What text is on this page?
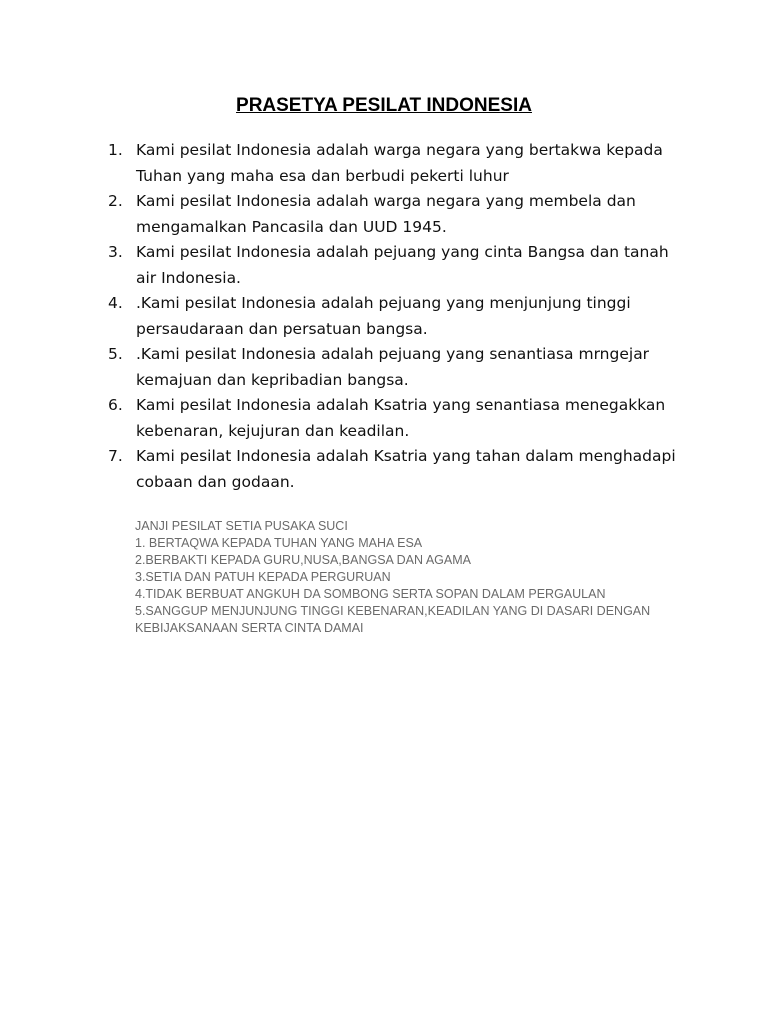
PRASETYA PESILAT INDONESIA
1. Kami pesilat Indonesia adalah warga negara yang bertakwa kepada Tuhan yang maha esa dan berbudi pekerti luhur
2. Kami pesilat Indonesia adalah warga negara yang membela dan mengamalkan Pancasila dan UUD 1945.
3. Kami pesilat Indonesia adalah pejuang yang cinta Bangsa dan tanah air Indonesia.
4. .Kami pesilat Indonesia adalah pejuang yang menjunjung tinggi persaudaraan dan persatuan bangsa.
5. .Kami pesilat Indonesia adalah pejuang yang senantiasa mrngejar kemajuan dan kepribadian bangsa.
6. Kami pesilat Indonesia adalah Ksatria yang senantiasa menegakkan kebenaran, kejujuran dan keadilan.
7. Kami pesilat Indonesia adalah Ksatria yang tahan dalam menghadapi cobaan dan godaan.

JANJI PESILAT SETIA PUSAKA SUCI

1. BERTAQWA KEPADA TUHAN YANG MAHA ESA

2.BERBAKTI KEPADA GURU,NUSA,BANGSA DAN AGAMA

3.SETIA DAN PATUH KEPADA PERGURUAN

4.TIDAK BERBUAT ANGKUH DA SOMBONG SERTA SOPAN DALAM PERGAULAN

5.SANGGUP MENJUNJUNG TINGGI KEBENARAN,KEADILAN YANG DI DASARI DENGAN KEBIJAKSANAAN SERTA CINTA DAMAI
